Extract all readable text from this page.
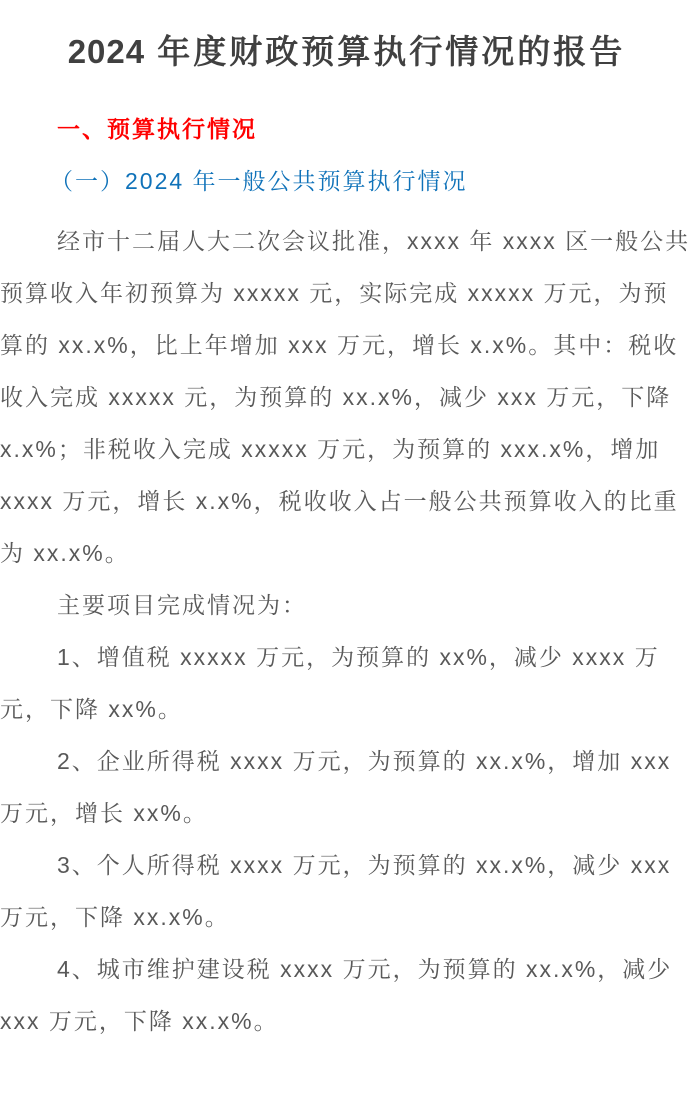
2024 年度财政预算执行情况的报告
一、预算执行情况
（一）2024 年一般公共预算执行情况

经市十二届人大二次会议批准，xxxx 年 xxxx 区一般公共预算收入年初预算为 xxxxx 元，实际完成 xxxxx 万元，为预算的 xx.x%，比上年增加 xxx 万元，增长 x.x%。其中：税收收入完成 xxxxx 元，为预算的 xx.x%，减少 xxx 万元，下降 x.x%；非税收入完成 xxxxx 万元，为预算的 xxx.x%，增加 xxxx 万元，增长 x.x%，税收收入占一般公共预算收入的比重为 xx.x%。

主要项目完成情况为：

1、增值税 xxxxx 万元，为预算的 xx%，减少 xxxx 万元，下降 xx%。

2、企业所得税 xxxx 万元，为预算的 xx.x%，增加 xxx 万元，增长 xx%。

3、个人所得税 xxxx 万元，为预算的 xx.x%，减少 xxx 万元，下降 xx.x%。

4、城市维护建设税 xxxx 万元，为预算的 xx.x%，减少 xxx 万元，下降 xx.x%。
